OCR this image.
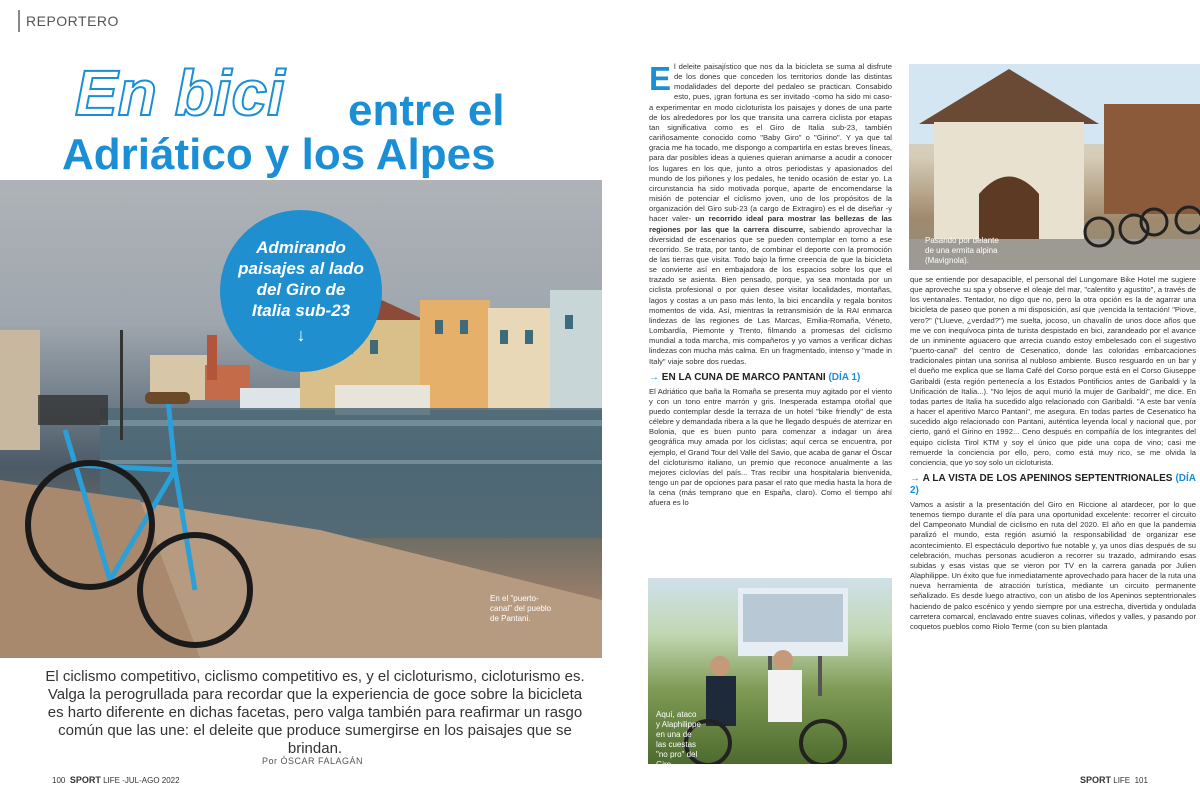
REPORTERO
En bici entre el
Adriático y los Alpes
Admirando paisajes al lado del Giro de Italia sub-23
↓
En el "puerto-canal" del pueblo de Pantani.
El ciclismo competitivo, ciclismo competitivo es, y el cicloturismo, cicloturismo es. Valga la perogrullada para recordar que la experiencia de goce sobre la bicicleta es harto diferente en dichas facetas, pero valga también para reafirmar un rasgo común que las une: el deleite que produce sumergirse en los paisajes que se brindan.
Por ÓSCAR FALAGÁN
100 SPORT LIFE -JUL-AGO 2022	SPORT LIFE 101
E l deleite paisajístico que nos da la bicicleta se suma al disfrute de los dones que conceden los territorios donde las distintas modalidades del deporte del pedaleo se practican. Consabido esto, pues, ¡gran fortuna es ser invitado -como ha sido mi caso- a experimentar en modo cicloturista los paisajes y dones de una parte de los alrededores por los que transita una carrera ciclista por etapas tan significativa como es el Giro de Italia sub-23, también cariñosamente conocido como "Baby Giro" o "Girino". Y ya que tal gracia me ha tocado, me dispongo a compartirla en estas breves líneas, para dar posibles ideas a quienes quieran animarse a acudir a conocer los lugares en los que, junto a otros periodistas y apasionados del mundo de los piñones y los pedales, he tenido ocasión de estar yo. La circunstancia ha sido motivada porque, aparte de encomendarse la misión de potenciar el ciclismo joven, uno de los propósitos de la organización del Giro sub-23 (a cargo de Extragiro) es el de diseñar -y hacer valer- un recorrido ideal para mostrar las bellezas de las regiones por las que la carrera discurre, sabiendo aprovechar la diversidad de escenarios que se pueden contemplar en torno a ese recorrido. Se trata, por tanto, de combinar el deporte con la promoción de las tierras que visita. Todo bajo la firme creencia de que la bicicleta se convierte así en embajadora de los espacios sobre los que el trazado se asienta. Bien pensado, porque, ya sea montada por un ciclista profesional o por quien desee visitar localidades, montañas, lagos y costas a un paso más lento, la bici encandila y regala bonitos momentos de vida. Así, mientras la retransmisión de la RAI enmarca lindezas de las regiones de Las Marcas, Emilia-Romaña, Véneto, Lombardía, Piemonte y Trento, filmando a promesas del ciclismo mundial a toda marcha, mis compañeros y yo vamos a verificar dichas lindezas con mucha más calma. En un fragmentado, intenso y "made in Italy" viaje sobre dos ruedas.

→ EN LA CUNA DE MARCO PANTANI (DÍA 1)

El Adriático que baña la Romaña se presenta muy agitado por el viento y con un tono entre marrón y gris. Inesperada estampa otoñal que puedo contemplar desde la terraza de un hotel "bike friendly" de esta célebre y demandada ribera a la que he llegado después de aterrizar en Bolonia, que es buen punto para comenzar a indagar un área geográfica muy amada por los ciclistas; aquí cerca se encuentra, por ejemplo, el Grand Tour del Valle del Savio, que acaba de ganar el Óscar del cicloturismo italiano, un premio que reconoce anualmente a las mejores ciclovías del país... Tras recibir una hospitalaria bienvenida, tengo un par de opciones para pasar el rato que media hasta la hora de la cena (más temprano que en España, claro). Como el tiempo ahí afuera es lo

Aquí, ataco y Alaphilippe en una de las cuestas "no pro" del Giro.
Pasando por delante de una ermita alpina (Mavignola).

que se entiende por desapacible, el personal del Lungomare Bike Hotel me sugiere que aproveche su spa y observe el oleaje del mar, "calentito y agustito", a través de los ventanales. Tentador, no digo que no, pero la otra opción es la de agarrar una bicicleta de paseo que ponen a mi disposición, así que ¡vencida la tentación! "Piove, vero?" ("Llueve, ¿verdad?") me suelta, jocoso, un chavalín de unos doce años que me ve con inequívoca pinta de turista despistado en bici, zarandeado por el avance de un inminente aguacero que arrecia cuando estoy embelesado con el sugestivo "puerto-canal" del centro de Cesenatico, donde las coloridas embarcaciones tradicionales pintan una sonrisa al nubloso ambiente. Busco resguardo en un bar y el dueño me explica que se llama Café del Corso porque está en el Corso Giuseppe Garibaldi (esta región pertenecía a los Estados Pontificios antes de Garibaldi y la Unificación de Italia...). "No lejos de aquí murió la mujer de Garibaldi", me dice. En todas partes de Italia ha sucedido algo relacionado con Garibaldi. "A este bar venía a hacer el aperitivo Marco Pantani", me asegura. En todas partes de Cesenatico ha sucedido algo relacionado con Pantani, auténtica leyenda local y nacional que, por cierto, ganó el Girino en 1992... Ceno después en compañía de los integrantes del equipo ciclista Tirol KTM y soy el único que pide una copa de vino; casi me remuerde la conciencia por ello, pero, como está muy rico, se me olvida la conciencia, que yo soy solo un cicloturista.

→ A LA VISTA DE LOS APENINOS SEPTENTRIONALES (DÍA 2)

Vamos a asistir a la presentación del Giro en Riccione al atardecer, por lo que tenemos tiempo durante el día para una oportunidad excelente: recorrer el circuito del Campeonato Mundial de ciclismo en ruta del 2020. El año en que la pandemia paralizó el mundo, esta región asumió la responsabilidad de organizar ese acontecimiento. El espectáculo deportivo fue notable y, ya unos días después de su celebración, muchas personas acudieron a recorrer su trazado, admirando esas subidas y esas vistas que se vieron por TV en la carrera ganada por Julien Alaphilippe. Un éxito que fue inmediatamente aprovechado para hacer de la ruta una nueva herramienta de atracción turística, mediante un circuito permanente señalizado. Es desde luego atractivo, con un atisbo de los Apeninos septentrionales haciendo de palco escénico y yendo siempre por una estrecha, divertida y ondulada carretera comarcal, enclavado entre suaves colinas, viñedos y valles, y pasando por coquetos pueblos como Riolo Terme (con su bien plantada
